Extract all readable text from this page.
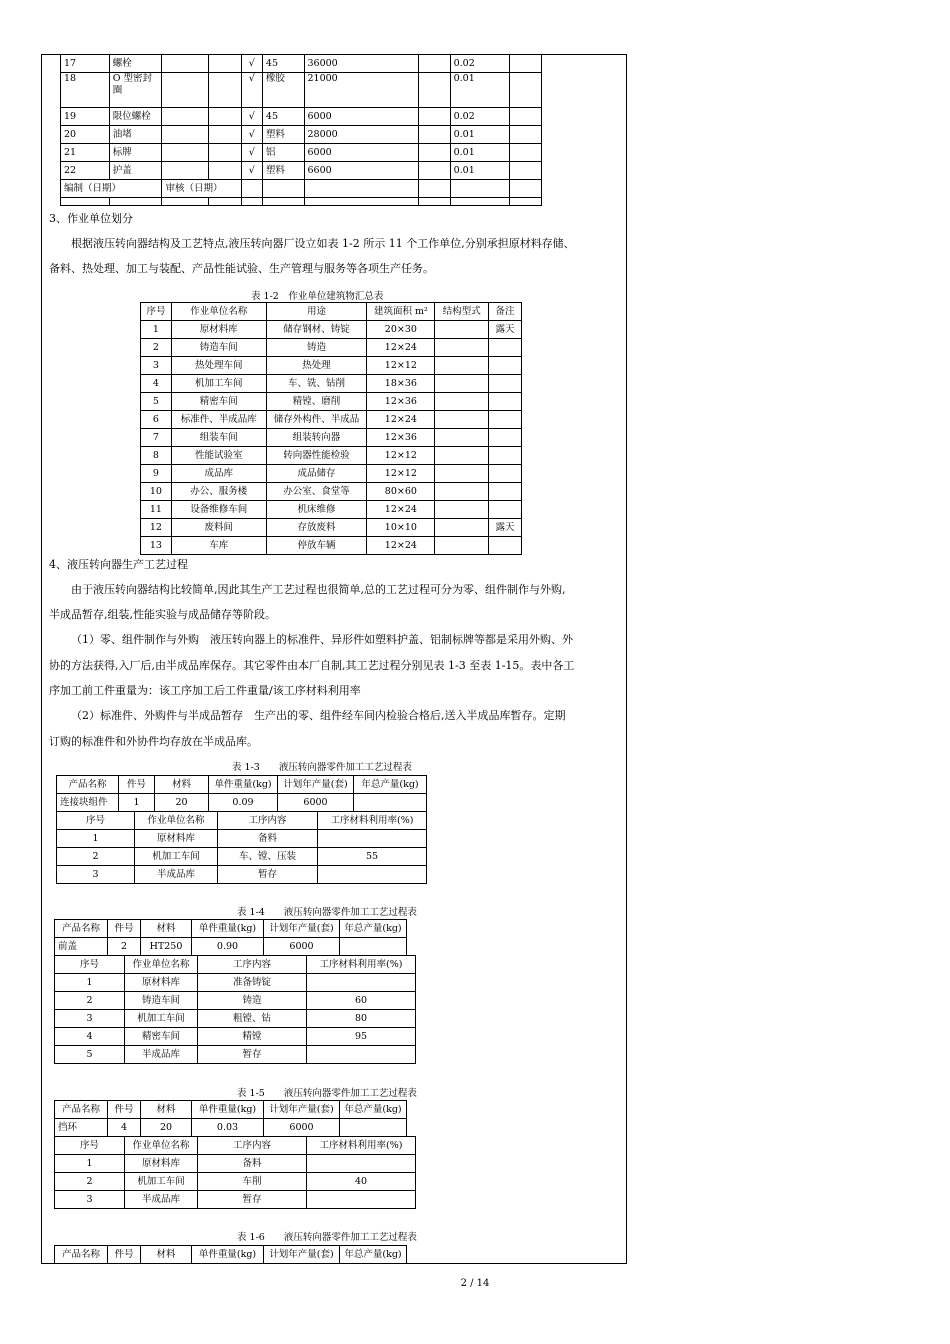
17	螺栓			√	45	36000		0.02	
18	O 型密封
圈			√	橡胶	21000		0.01	
19	限位螺栓			√	45	6000		0.02	
20	油堵			√	塑料	28000		0.01	
21	标牌			√	铝	6000		0.01	
22	护盖			√	塑料	6600		0.01	
编制（日期）		审核（日期）							

3、作业单位划分
根据液压转向器结构及工艺特点,液压转向器厂设立如表 1-2 所示 11 个工作单位,分别承担原材料存储、
备料、热处理、加工与装配、产品性能试验、生产管理与服务等各项生产任务。
表 1-2　作业单位建筑物汇总表
序号	作业单位名称	用途	建筑面积 m²	结构型式	备注
1	原材料库	储存钢材、铸锭	20×30		露天
2	铸造车间	铸造	12×24		
3	热处理车间	热处理	12×12		
4	机加工车间	车、铣、钻削	18×36		
5	精密车间	精镗、磨削	12×36		
6	标准件、半成品库	储存外构件、半成品	12×24		
7	组装车间	组装转向器	12×36		
8	性能试验室	转向器性能检验	12×12		
9	成品库	成品储存	12×12		
10	办公、服务楼	办公室、食堂等	80×60		
11	设备维修车间	机床维修	12×24		
12	废料间	存放废料	10×10		露天
13	车库	停放车辆	12×24		
4、液压转向器生产工艺过程
由于液压转向器结构比较简单,因此其生产工艺过程也很简单,总的工艺过程可分为零、组件制作与外购,
半成品暂存,组装,性能实验与成品储存等阶段。
（1）零、组件制作与外购　液压转向器上的标准件、异形件如塑料护盖、铝制标牌等都是采用外购、外
协的方法获得,入厂后,由半成品库保存。其它零件由本厂自制,其工艺过程分别见表 1-3 至表 1-15。表中各工
序加工前工件重量为：该工序加工后工件重量/该工序材料利用率
（2）标准件、外购件与半成品暂存　生产出的零、组件经车间内检验合格后,送入半成品库暂存。定期
订购的标准件和外协件均存放在半成品库。
表 1-3　　液压转向器零件加工工艺过程表
产品名称	件号	材料	单件重量(kg)	计划年产量(套)	年总产量(kg)
连接块组件	1	20	0.09	6000	
序号	作业单位名称	工序内容	工序材料利用率(%)
1	原材料库	备料	
2	机加工车间	车、镗、压装	55
3	半成品库	暂存	
表 1-4　　液压转向器零件加工工艺过程表
产品名称	件号	材料	单件重量(kg)	计划年产量(套)	年总产量(kg)
前盖	2	HT250	0.90	6000	
序号	作业单位名称	工序内容	工序材料利用率(%)
1	原材料库	准备铸锭	
2	铸造车间	铸造	60
3	机加工车间	粗镗、钻	80
4	精密车间	精镗	95
5	半成品库	暂存	
表 1-5　　液压转向器零件加工工艺过程表
产品名称	件号	材料	单件重量(kg)	计划年产量(套)	年总产量(kg)
挡环	4	20	0.03	6000	
序号	作业单位名称	工序内容	工序材料利用率(%)
1	原材料库	备料	
2	机加工车间	车削	40
3	半成品库	暂存	
表 1-6　　液压转向器零件加工工艺过程表
产品名称	件号	材料	单件重量(kg)	计划年产量(套)	年总产量(kg)
2 / 14
